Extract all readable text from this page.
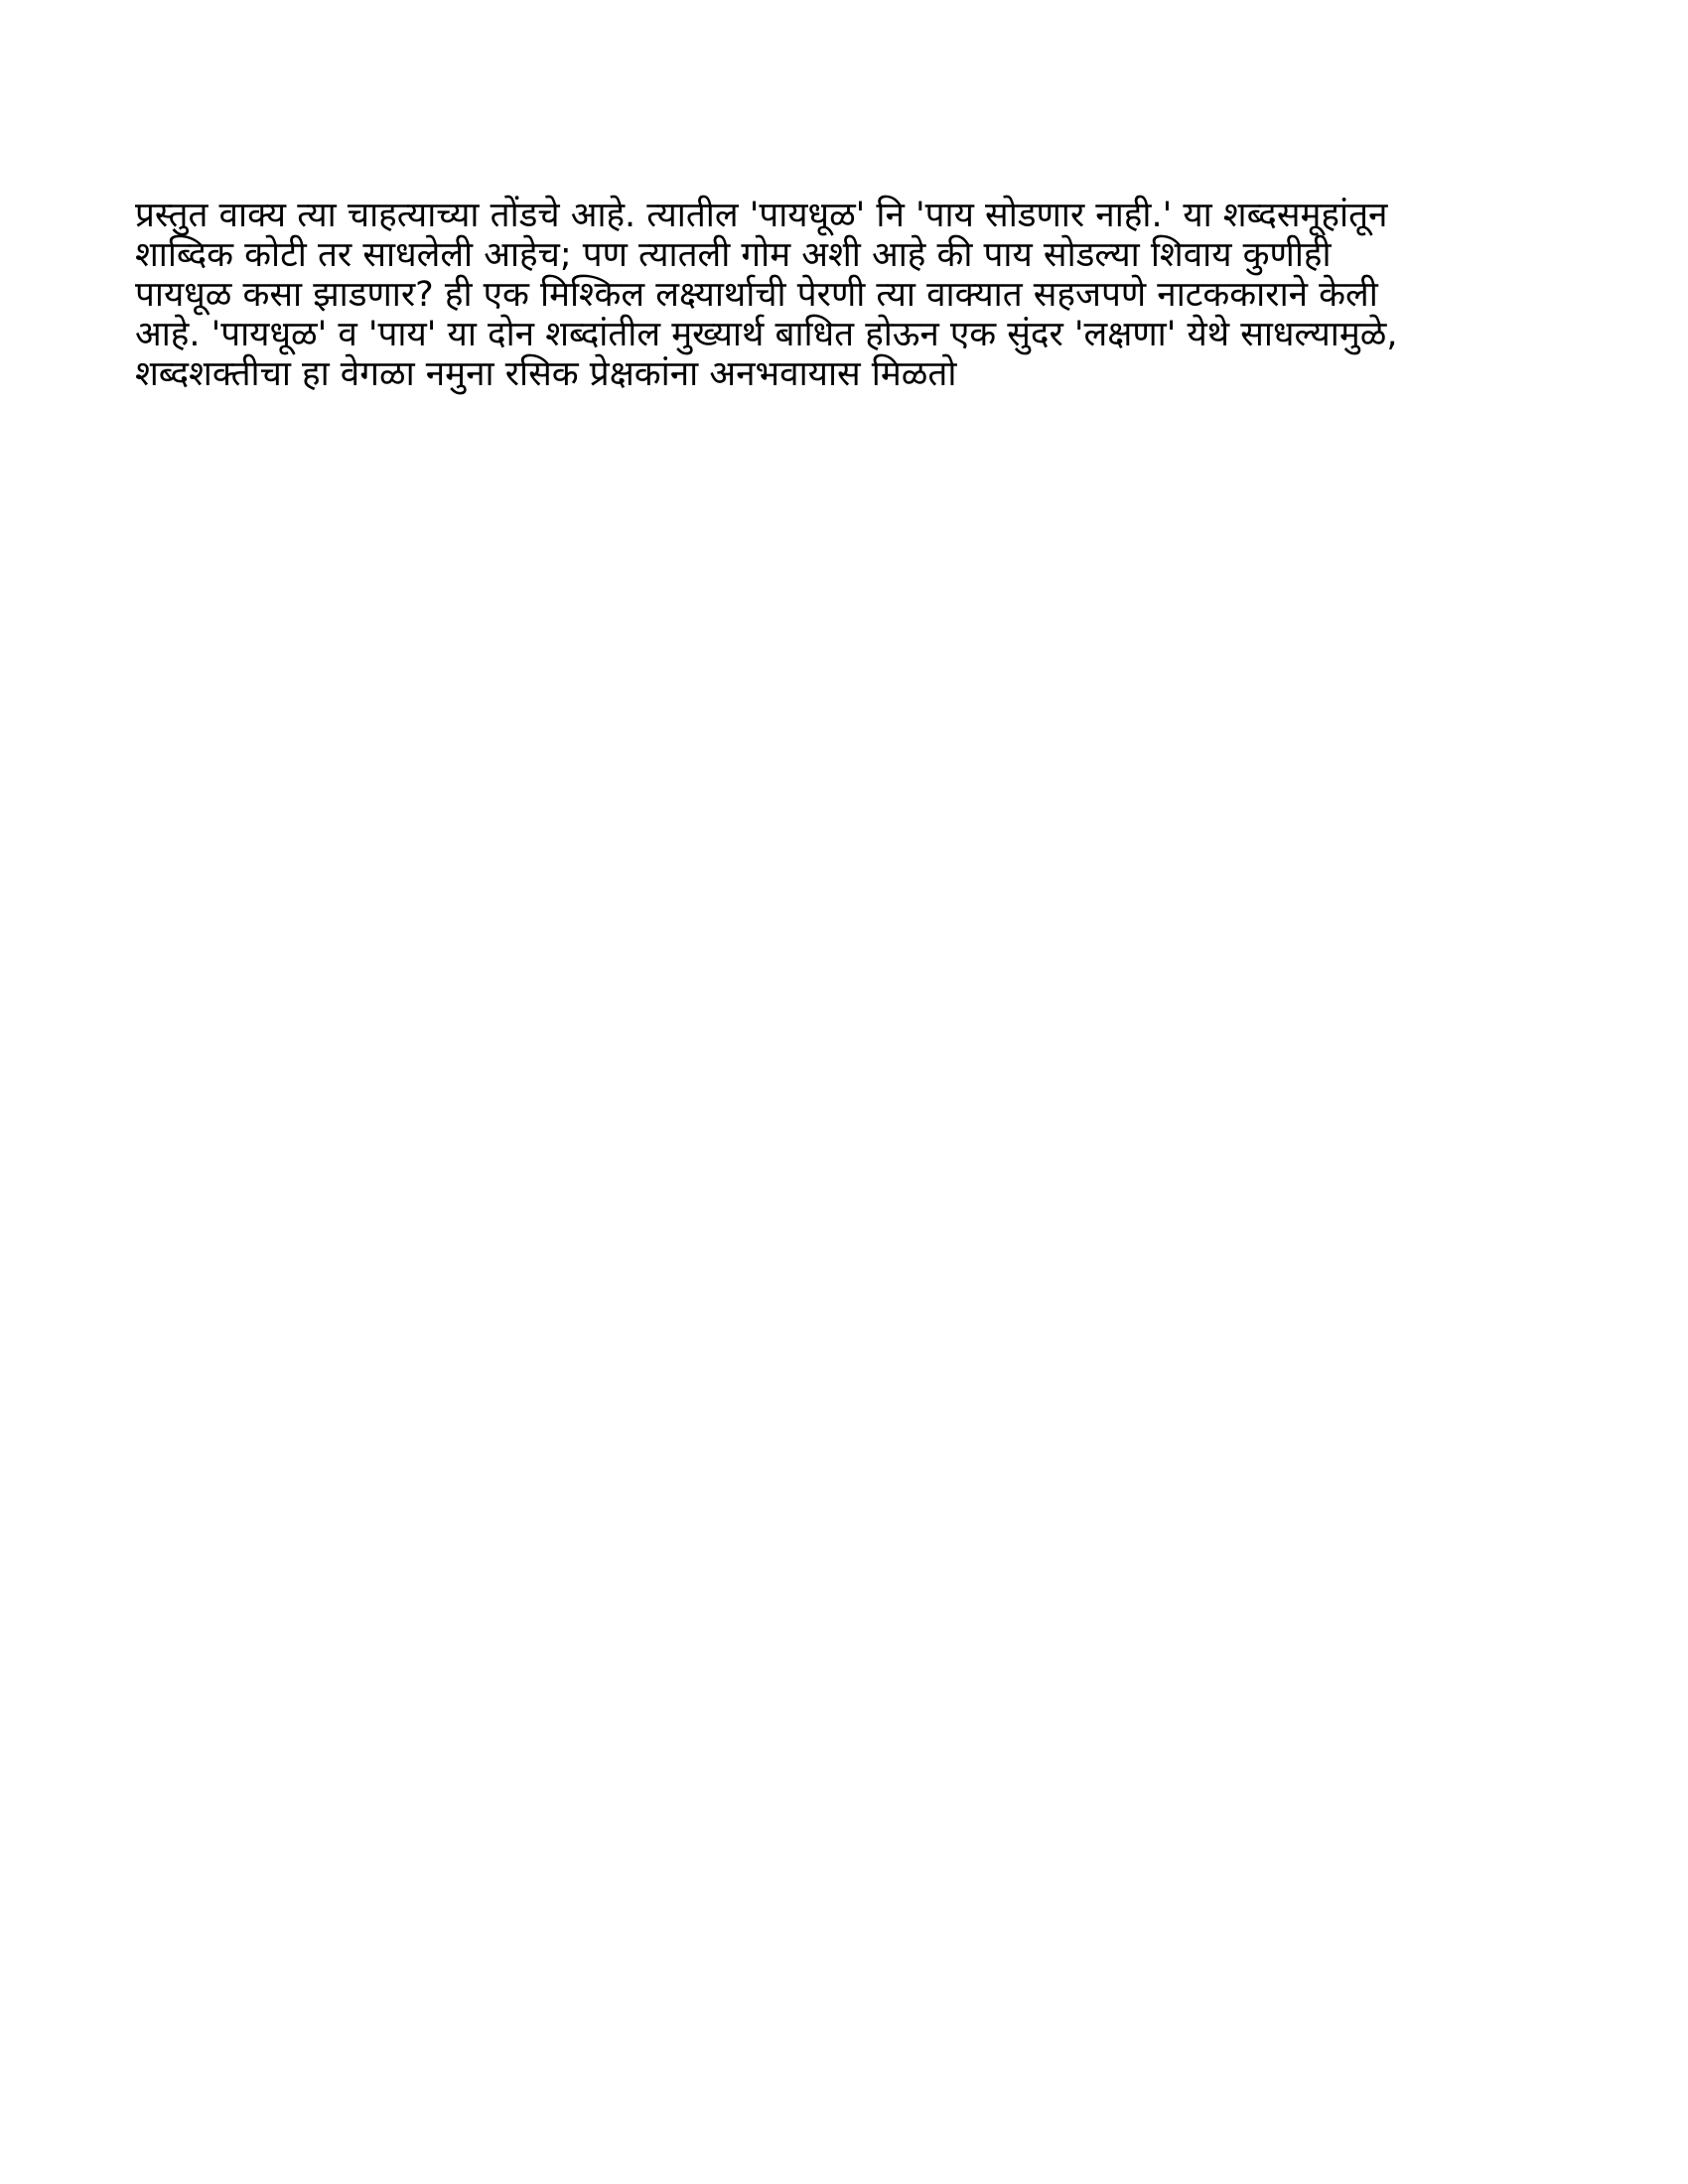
प्रस्तुत वाक्य त्या चाहत्याच्या तोंडचे आहे. त्यातील 'पायधूळ' नि 'पाय सोडणार नाही.' या शब्दसमूहांतून
शाब्दिक कोटी तर साधलेली आहेच; पण त्यातली गोम अशी आहे की पाय सोडल्या शिवाय कुणीही
पायधूळ कसा झाडणार? ही एक मिश्किल लक्ष्यार्थाची पेरणी त्या वाक्यात सहजपणे नाटककाराने केली
आहे. 'पायधूळ' व 'पाय' या दोन शब्दांतील मुख्यार्थ बाधित होऊन एक सुंदर 'लक्षणा' येथे साधल्यामुळे,
शब्दशक्तीचा हा वेगळा नमुना रसिक प्रेक्षकांना अनभवायास मिळतो
